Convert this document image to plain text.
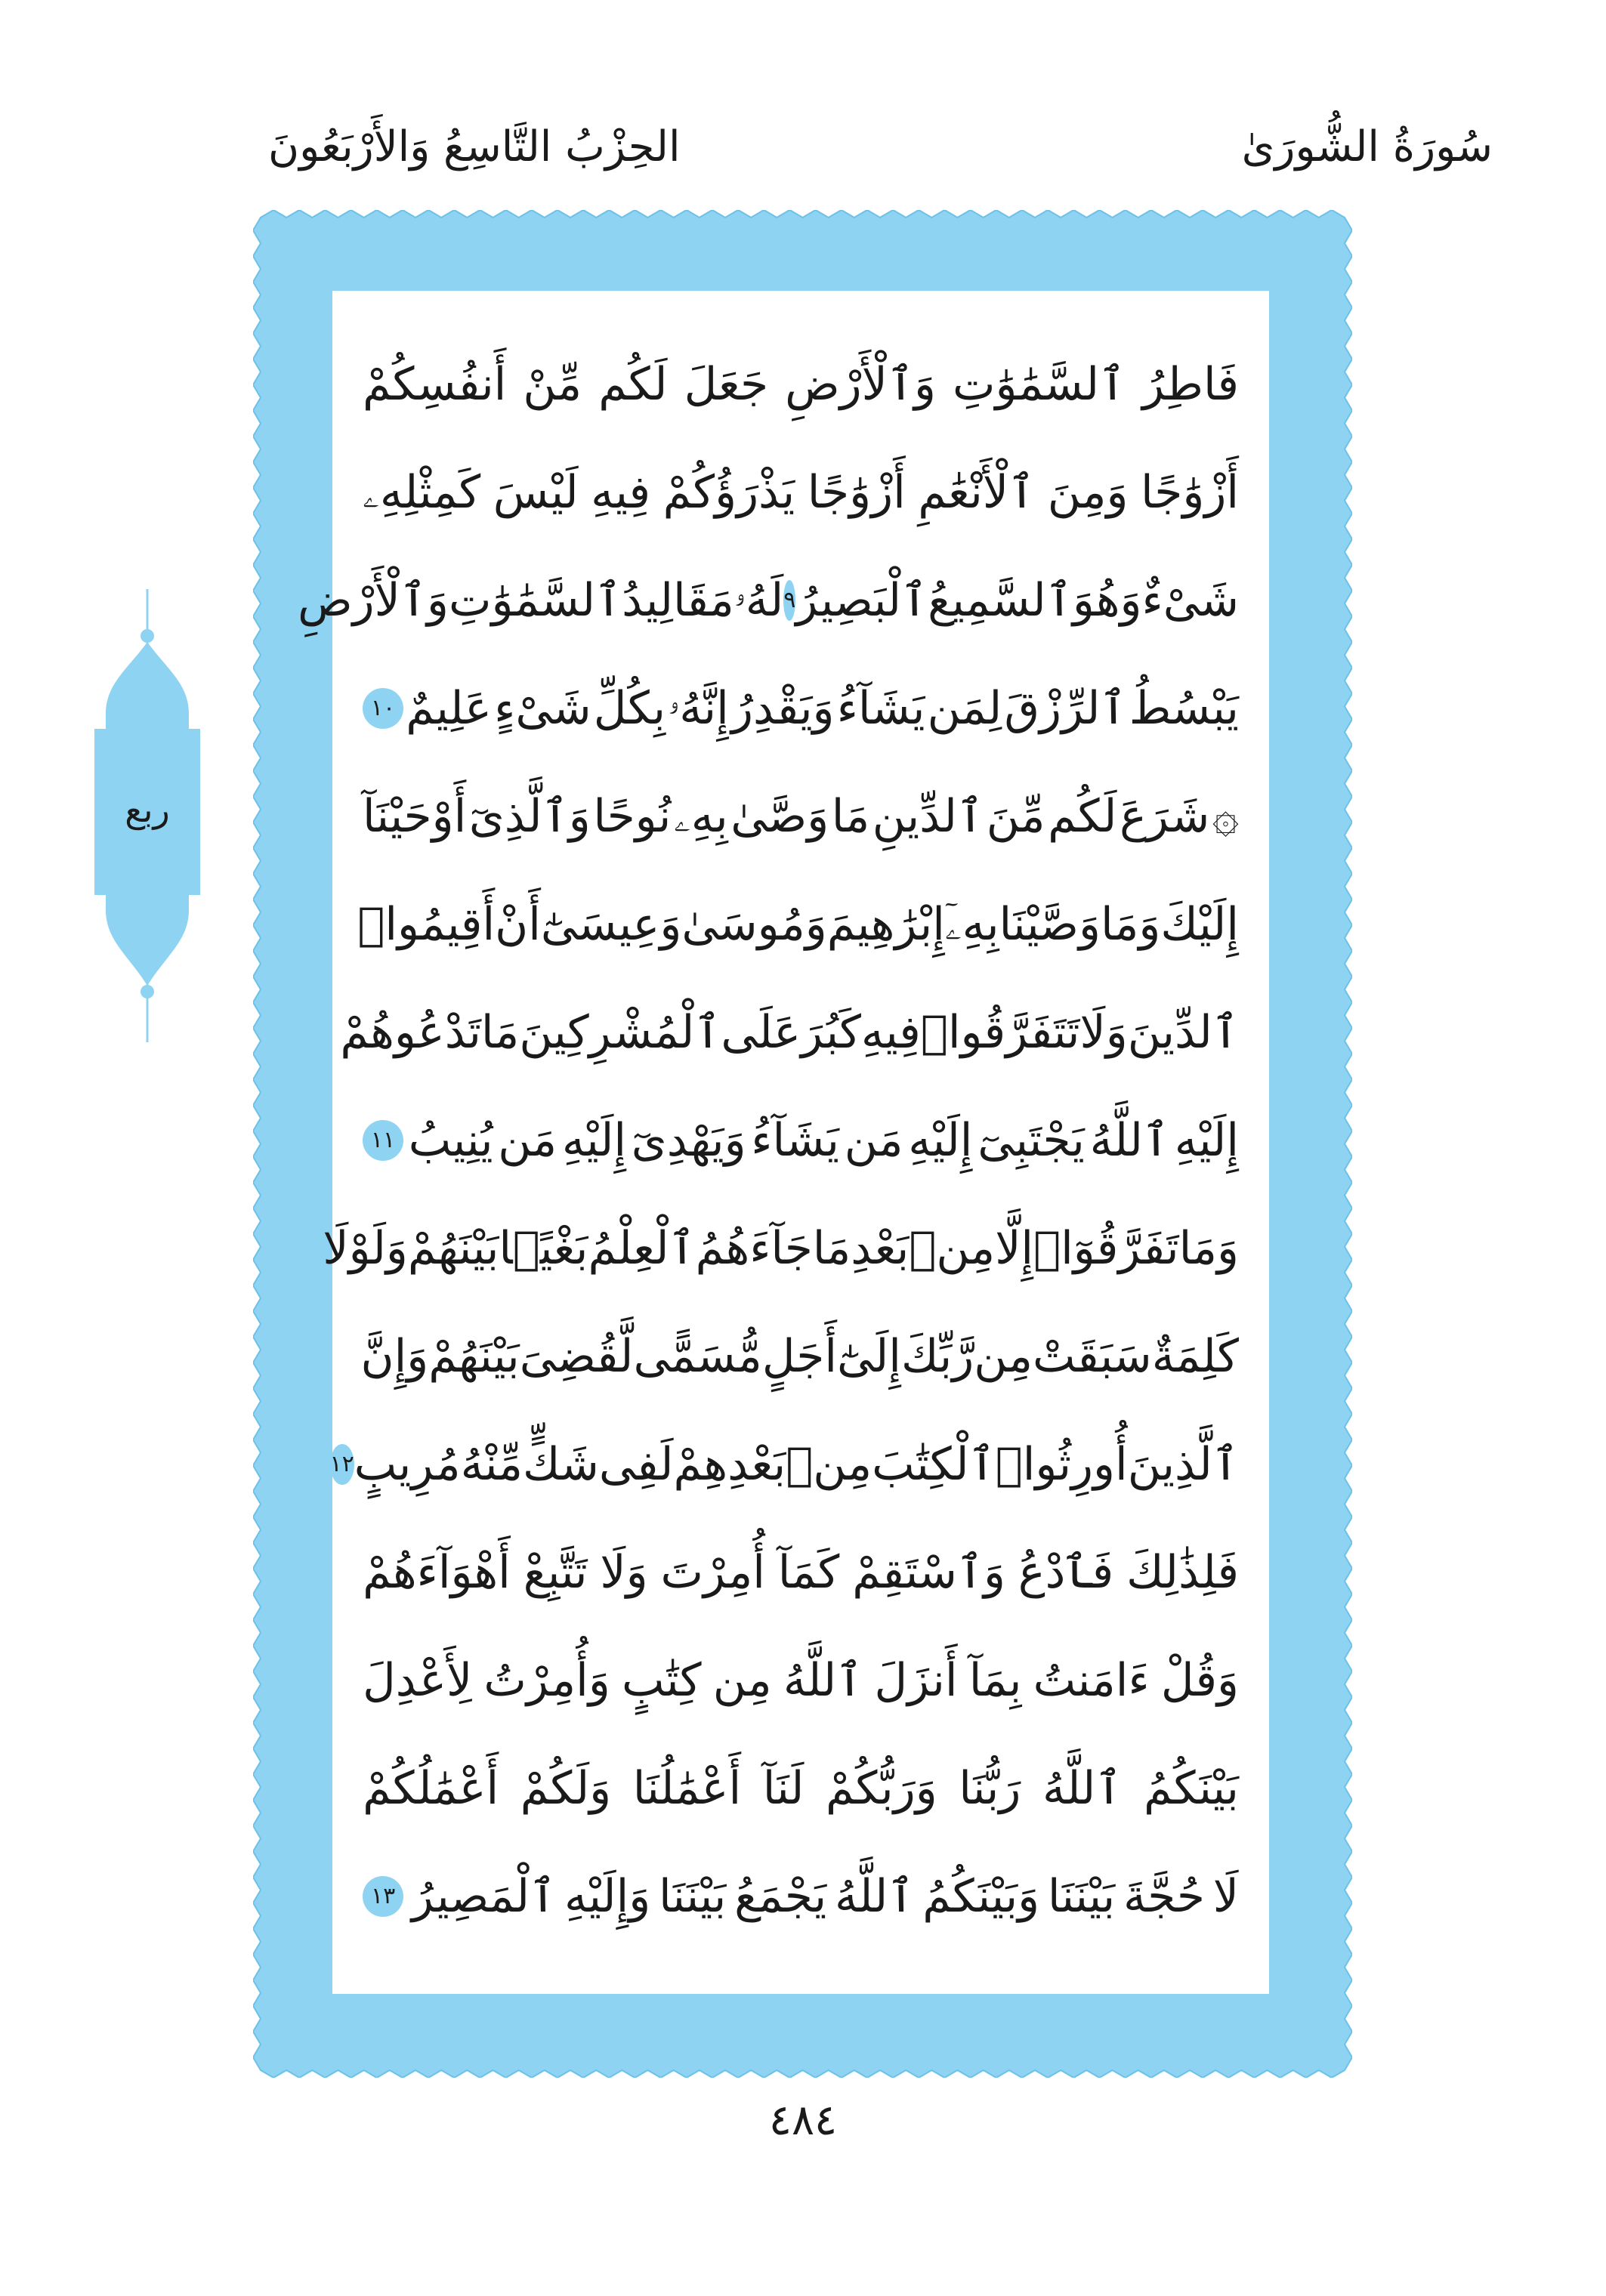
سُورَةُ الشُّورَىٰ
الحِزْبُ التَّاسِعُ وَالأَرْبَعُونَ
فَاطِرُ
ٱلسَّمَٰوَٰتِ
وَٱلْأَرْضِ
جَعَلَ
لَكُم
مِّنْ
أَنفُسِكُمْ
أَزْوَٰجًا
وَمِنَ
ٱلْأَنْعَٰمِ
أَزْوَٰجًا
يَذْرَؤُكُمْ
فِيهِ
لَيْسَ
كَمِثْلِهِۦ
شَىْءٌ
وَهُوَ
ٱلسَّمِيعُ
ٱلْبَصِيرُ
٩
لَهُۥ
مَقَالِيدُ
ٱلسَّمَٰوَٰتِ
وَٱلْأَرْضِ
يَبْسُطُ
ٱلرِّزْقَ
لِمَن
يَشَآءُ
وَيَقْدِرُ
إِنَّهُۥ
بِكُلِّ
شَىْءٍ
عَلِيمٌ
١٠
۞
شَرَعَ
لَكُم
مِّنَ
ٱلدِّينِ
مَا
وَصَّىٰ
بِهِۦ
نُوحًا
وَٱلَّذِىٓ
أَوْحَيْنَآ
إِلَيْكَ
وَمَا
وَصَّيْنَا
بِهِۦٓ
إِبْرَٰهِيمَ
وَمُوسَىٰ
وَعِيسَىٰٓ
أَنْ
أَقِيمُوا۟
ٱلدِّينَ
وَلَا
تَتَفَرَّقُوا۟
فِيهِ
كَبُرَ
عَلَى
ٱلْمُشْرِكِينَ
مَا
تَدْعُوهُمْ
إِلَيْهِ
ٱللَّهُ
يَجْتَبِىٓ
إِلَيْهِ
مَن
يَشَآءُ
وَيَهْدِىٓ
إِلَيْهِ
مَن
يُنِيبُ
١١
وَمَا
تَفَرَّقُوٓا۟
إِلَّا
مِنۢ
بَعْدِ
مَا
جَآءَهُمُ
ٱلْعِلْمُ
بَغْيًۢا
بَيْنَهُمْ
وَلَوْلَا
كَلِمَةٌ
سَبَقَتْ
مِن
رَّبِّكَ
إِلَىٰٓ
أَجَلٍ
مُّسَمًّى
لَّقُضِىَ
بَيْنَهُمْ
وَإِنَّ
ٱلَّذِينَ
أُورِثُوا۟
ٱلْكِتَٰبَ
مِنۢ
بَعْدِهِمْ
لَفِى
شَكٍّ
مِّنْهُ
مُرِيبٍ
١٢
فَلِذَٰلِكَ
فَٱدْعُ
وَٱسْتَقِمْ
كَمَآ
أُمِرْتَ
وَلَا
تَتَّبِعْ
أَهْوَآءَهُمْ
وَقُلْ
ءَامَنتُ
بِمَآ
أَنزَلَ
ٱللَّهُ
مِن
كِتَٰبٍ
وَأُمِرْتُ
لِأَعْدِلَ
بَيْنَكُمُ
ٱللَّهُ
رَبُّنَا
وَرَبُّكُمْ
لَنَآ
أَعْمَٰلُنَا
وَلَكُمْ
أَعْمَٰلُكُمْ
لَا
حُجَّةَ
بَيْنَنَا
وَبَيْنَكُمُ
ٱللَّهُ
يَجْمَعُ
بَيْنَنَا
وَإِلَيْهِ
ٱلْمَصِيرُ
١٣
ربع
٤٨٤
